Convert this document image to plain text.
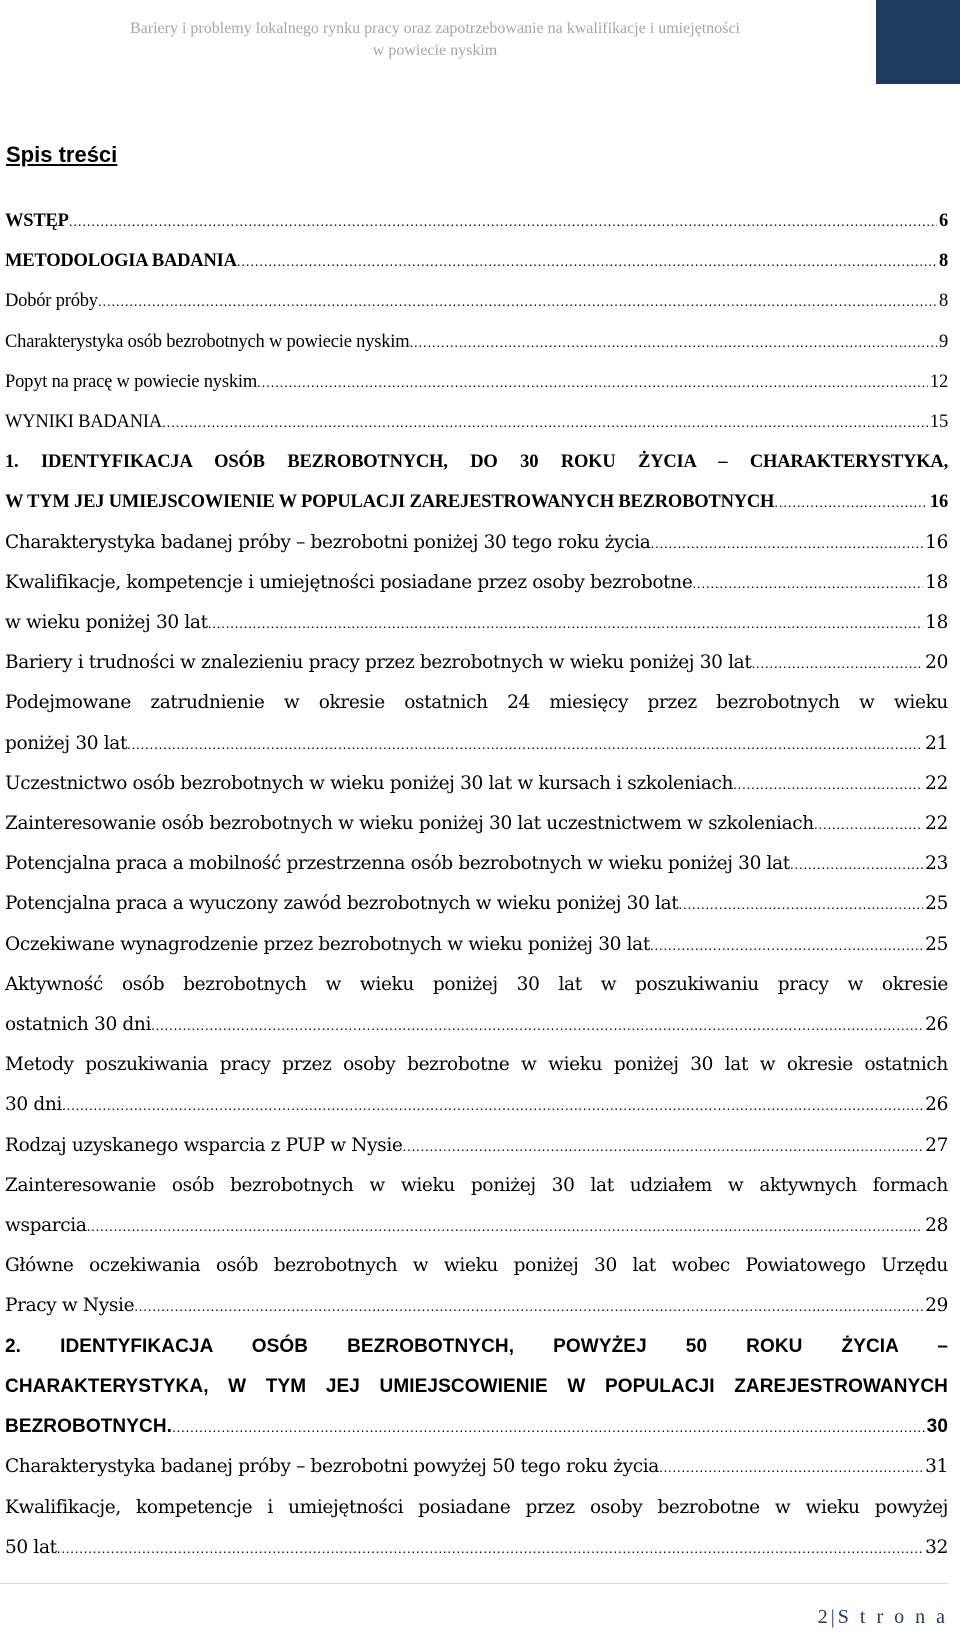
Bariery i problemy lokalnego rynku pracy oraz zapotrzebowanie na kwalifikacje i umiejętności
w powiecie nyskim
Spis treści
WSTĘP .....	6
METODOLOGIA BADANIA .....	8
Dobór próby .....	8
Charakterystyka osób bezrobotnych w powiecie nyskim .....	9
Popyt na pracę w powiecie nyskim .....	12
WYNIKI BADANIA .....	15
1. IDENTYFIKACJA OSÓB BEZROBOTNYCH, DO 30 ROKU ŻYCIA – CHARAKTERYSTYKA,
W TYM JEJ UMIEJSCOWIENIE W POPULACJI ZAREJESTROWANYCH BEZROBOTNYCH .....	16
Charakterystyka badanej próby – bezrobotni poniżej 30 tego roku życia .....	16
Kwalifikacje, kompetencje i umiejętności posiadane przez osoby bezrobotne .....	18
w wieku poniżej 30 lat .....	18
Bariery i trudności w znalezieniu pracy przez bezrobotnych w wieku poniżej 30 lat .....	20
Podejmowane zatrudnienie w okresie ostatnich 24 miesięcy przez bezrobotnych w wieku
poniżej 30 lat .....	21
Uczestnictwo osób bezrobotnych w wieku poniżej 30 lat w kursach i szkoleniach .....	22
Zainteresowanie osób bezrobotnych w wieku poniżej 30 lat uczestnictwem w szkoleniach .....	22
Potencjalna praca a mobilność przestrzenna osób bezrobotnych w wieku poniżej 30 lat .....	23
Potencjalna praca a wyuczony zawód bezrobotnych w wieku poniżej 30 lat .....	25
Oczekiwane wynagrodzenie przez bezrobotnych w wieku poniżej 30 lat .....	25
Aktywność osób bezrobotnych w wieku poniżej 30 lat w poszukiwaniu pracy w okresie
ostatnich 30 dni .....	26
Metody poszukiwania pracy przez osoby bezrobotne w wieku poniżej 30 lat w okresie ostatnich
30 dni .....	26
Rodzaj uzyskanego wsparcia z PUP w Nysie .....	27
Zainteresowanie osób bezrobotnych w wieku poniżej 30 lat udziałem w aktywnych formach
wsparcia .....	28
Główne oczekiwania osób bezrobotnych w wieku poniżej 30 lat wobec Powiatowego Urzędu
Pracy w Nysie .....	29
2. IDENTYFIKACJA OSÓB BEZROBOTNYCH, POWYŻEJ 50 ROKU ŻYCIA –
CHARAKTERYSTYKA, W TYM JEJ UMIEJSCOWIENIE W POPULACJI ZAREJESTROWANYCH
BEZROBOTNYCH. .....	30
Charakterystyka badanej próby – bezrobotni powyżej 50 tego roku życia .....	31
Kwalifikacje, kompetencje i umiejętności posiadane przez osoby bezrobotne w wieku powyżej
50 lat .....	32
2|S t r o n a
